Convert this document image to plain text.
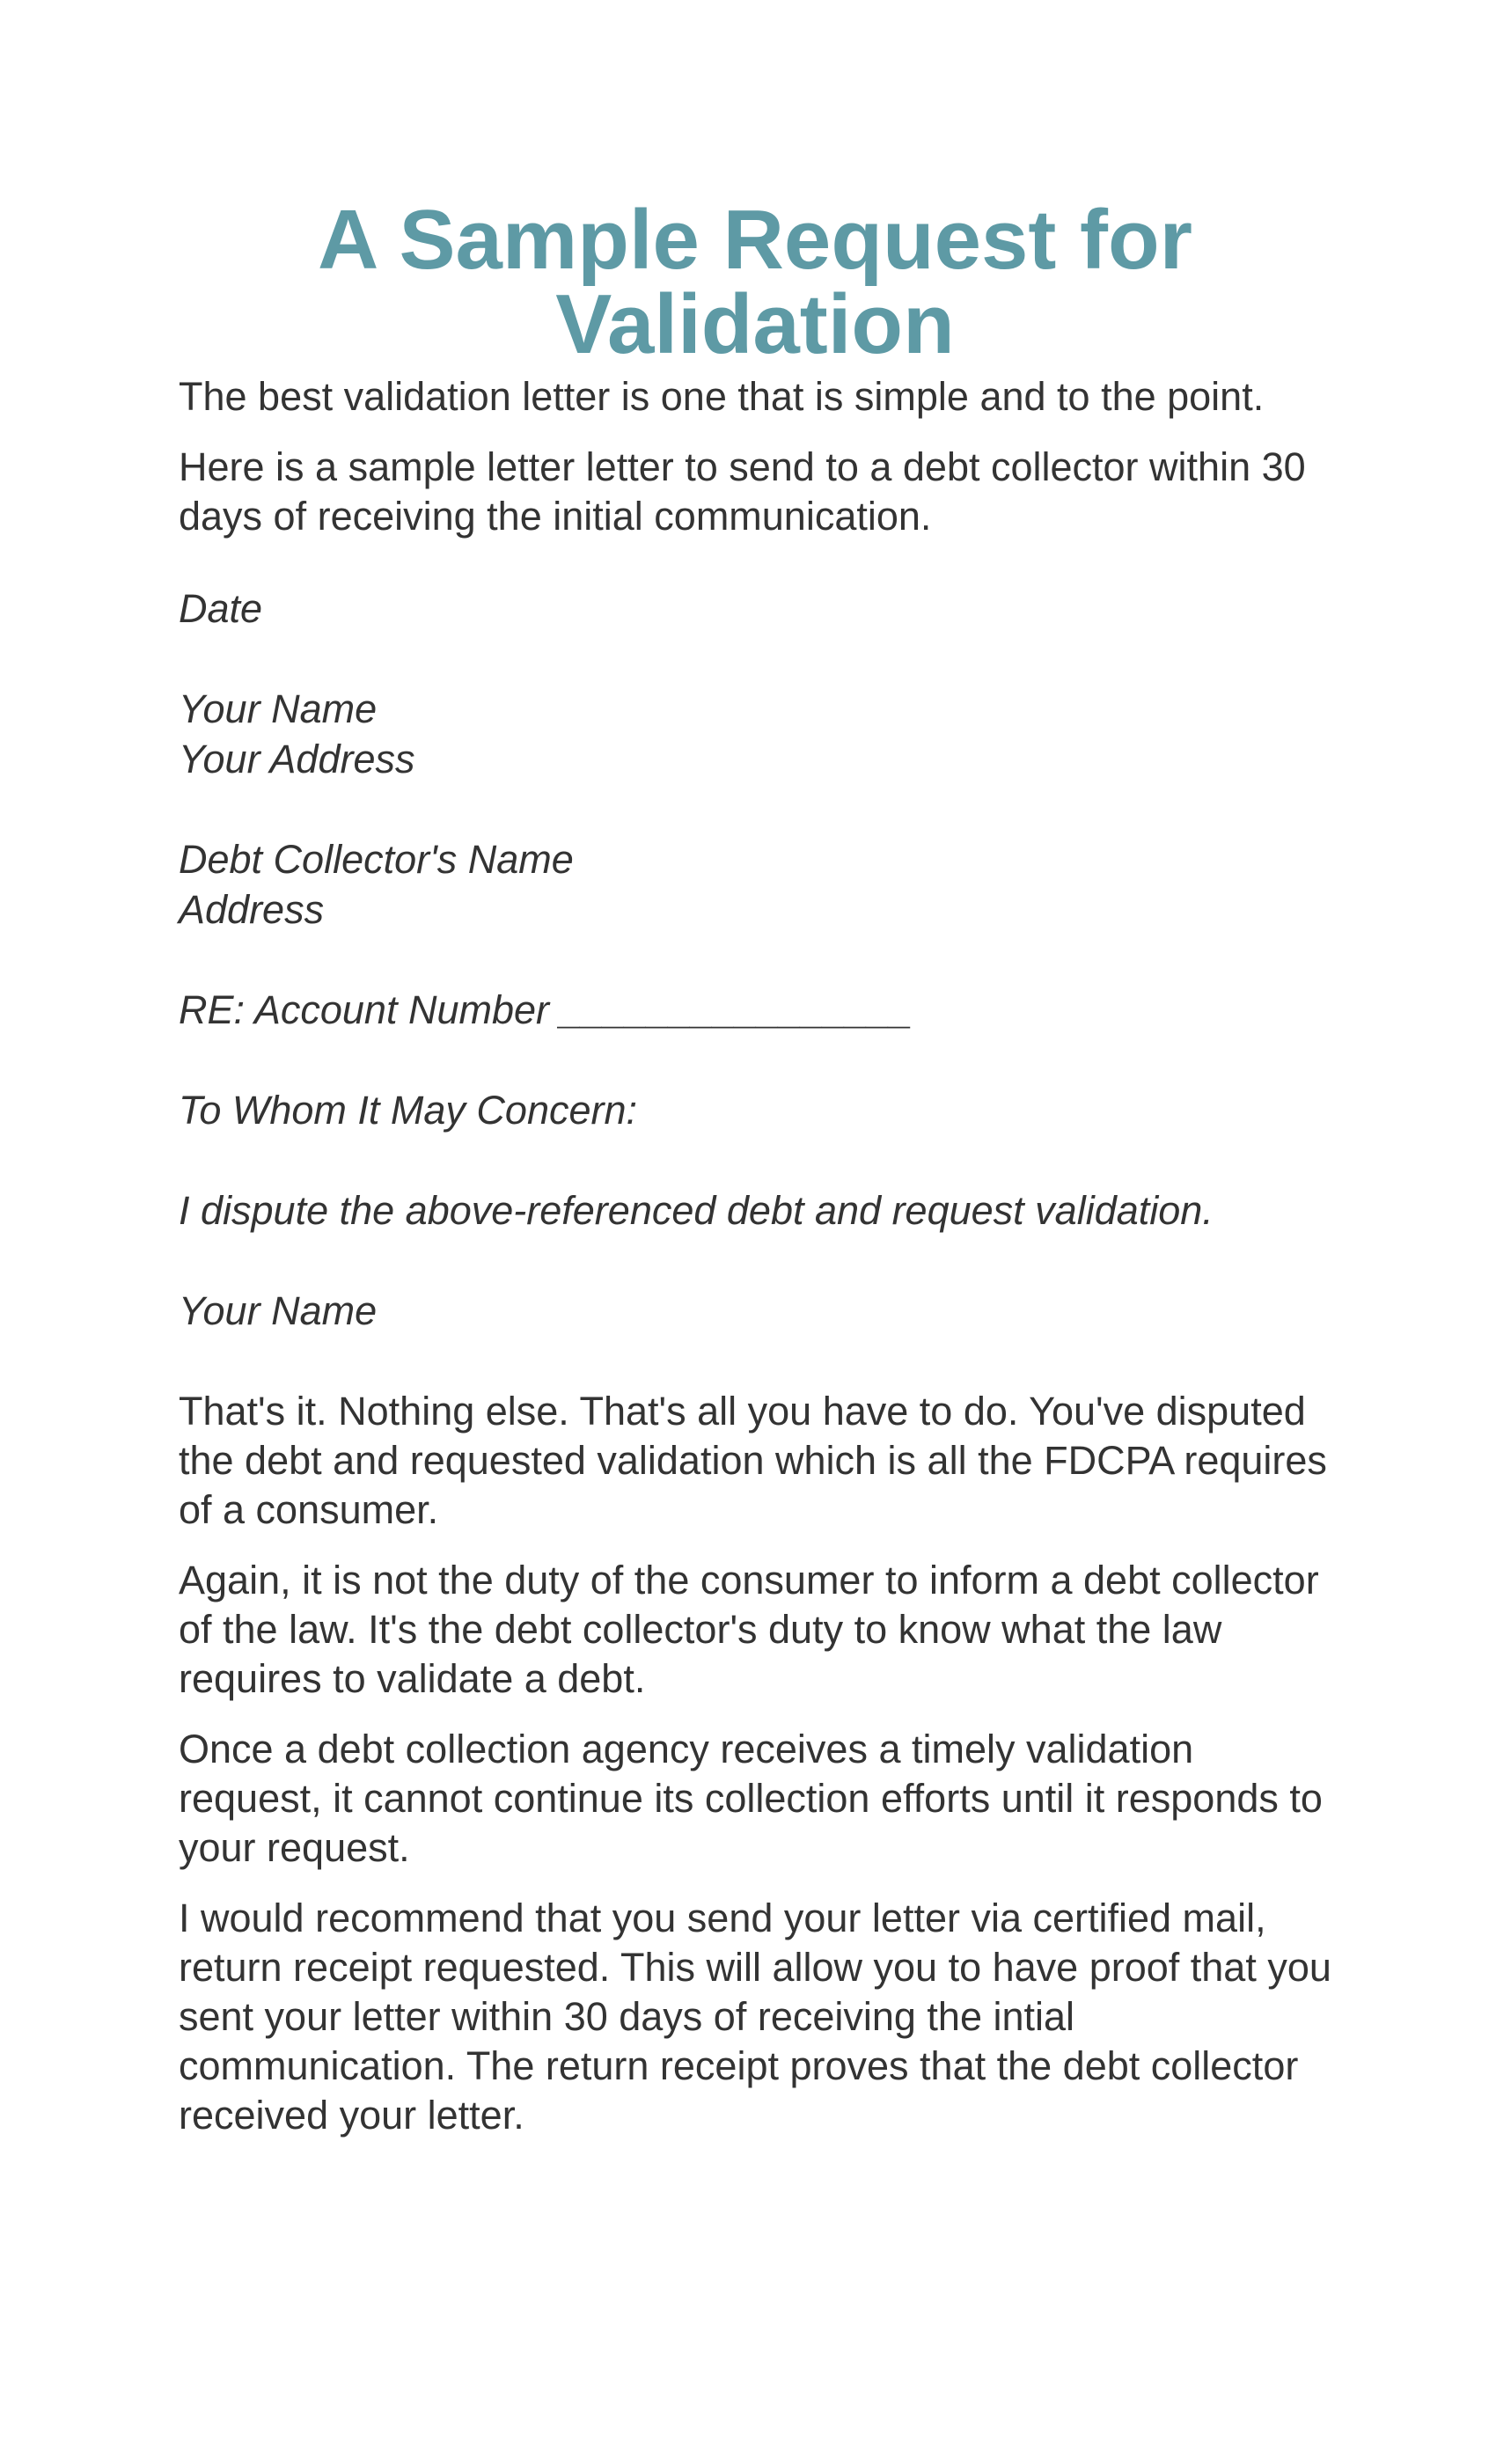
A Sample Request for
Validation

The best validation letter is one that is simple and to the point.

Here is a sample letter letter to send to a debt collector within 30 days of receiving the initial communication.

Date

Your Name

Your Address

Debt Collector's Name

Address

RE: Account Number ________________

To Whom It May Concern:

I dispute the above-referenced debt and request validation.

Your Name

That's it. Nothing else. That's all you have to do. You've disputed the debt and requested validation which is all the FDCPA requires of a consumer.

Again, it is not the duty of the consumer to inform a debt collector of the law. It's the debt collector's duty to know what the law requires to validate a debt.

Once a debt collection agency receives a timely validation request, it cannot continue its collection efforts until it responds to your request.

I would recommend that you send your letter via certified mail, return receipt requested. This will allow you to have proof that you sent your letter within 30 days of receiving the intial communication. The return receipt proves that the debt collector received your letter.
